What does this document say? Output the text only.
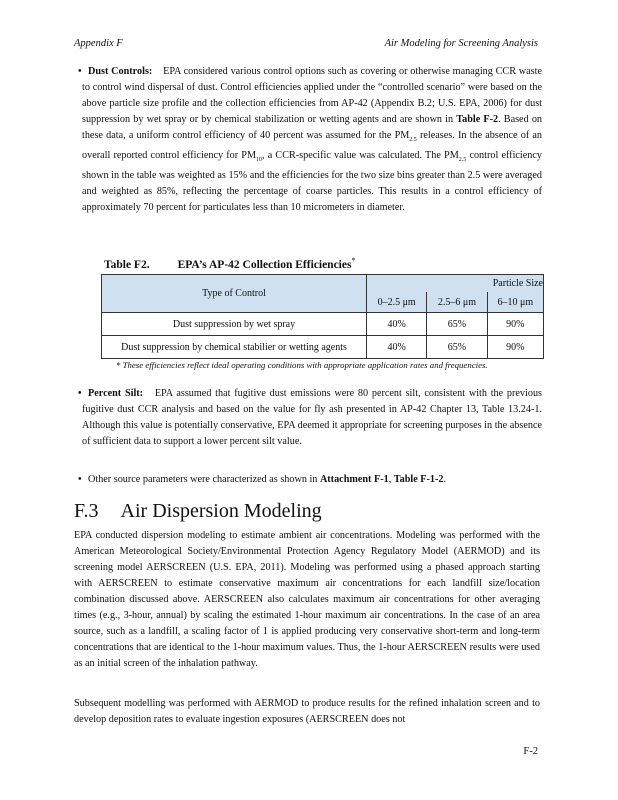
Appendix F	Air Modeling for Screening Analysis
• Dust Controls: EPA considered various control options such as covering or otherwise managing CCR waste to control wind dispersal of dust. Control efficiencies applied under the “controlled scenario” were based on the above particle size profile and the collection efficiencies from AP-42 (Appendix B.2; U.S. EPA, 2006) for dust suppression by wet spray or by chemical stabilization or wetting agents and are shown in Table F-2. Based on these data, a uniform control efficiency of 40 percent was assumed for the $PM_{2.5}$ releases. In the absence of an overall reported control efficiency for $PM_{10}$, a CCR-specific value was calculated. The $PM_{2.5}$ control efficiency shown in the table was weighted as 15% and the efficiencies for the two size bins greater than 2.5 were averaged and weighted as 85%, reflecting the percentage of coarse particles. This results in a control efficiency of approximately 70 percent for particulates less than 10 micrometers in diameter.
Table F2. EPA’s AP-42 Collection Efficiencies*
Type of Control	Particle Size		
	0–2.5 μm	2.5–6 μm	6–10 μm
Dust suppression by wet spray	40%	65%	90%
Dust suppression by chemical stabilier or wetting agents	40%	65%	90%
* These efficiencies reflect ideal operating conditions with appropriate application rates and frequencies.
• Percent Silt: EPA assumed that fugitive dust emissions were 80 percent silt, consistent with the previous fugitive dust CCR analysis and based on the value for fly ash presented in AP-42 Chapter 13, Table 13.24-1. Although this value is potentially conservative, EPA deemed it appropriate for screening purposes in the absence of sufficient data to support a lower percent silt value.
• Other source parameters were characterized as shown in Attachment F-1, Table F-1-2.
F.3 Air Dispersion Modeling
EPA conducted dispersion modeling to estimate ambient air concentrations. Modeling was performed with the American Meteorological Society/Environmental Protection Agency Regulatory Model (AERMOD) and its screening model AERSCREEN (U.S. EPA, 2011). Modeling was performed using a phased approach starting with AERSCREEN to estimate conservative maximum air concentrations for each landfill size/location combination discussed above. AERSCREEN also calculates maximum air concentrations for other averaging times (e.g., 3-hour, annual) by scaling the estimated 1-hour maximum air concentrations. In the case of an area source, such as a landfill, a scaling factor of 1 is applied producing very conservative short-term and long-term concentrations that are identical to the 1-hour maximum values. Thus, the 1-hour AERSCREEN results were used as an initial screen of the inhalation pathway.
Subsequent modelling was performed with AERMOD to produce results for the refined inhalation screen and to develop deposition rates to evaluate ingestion exposures (AERSCREEN does not
F-2
